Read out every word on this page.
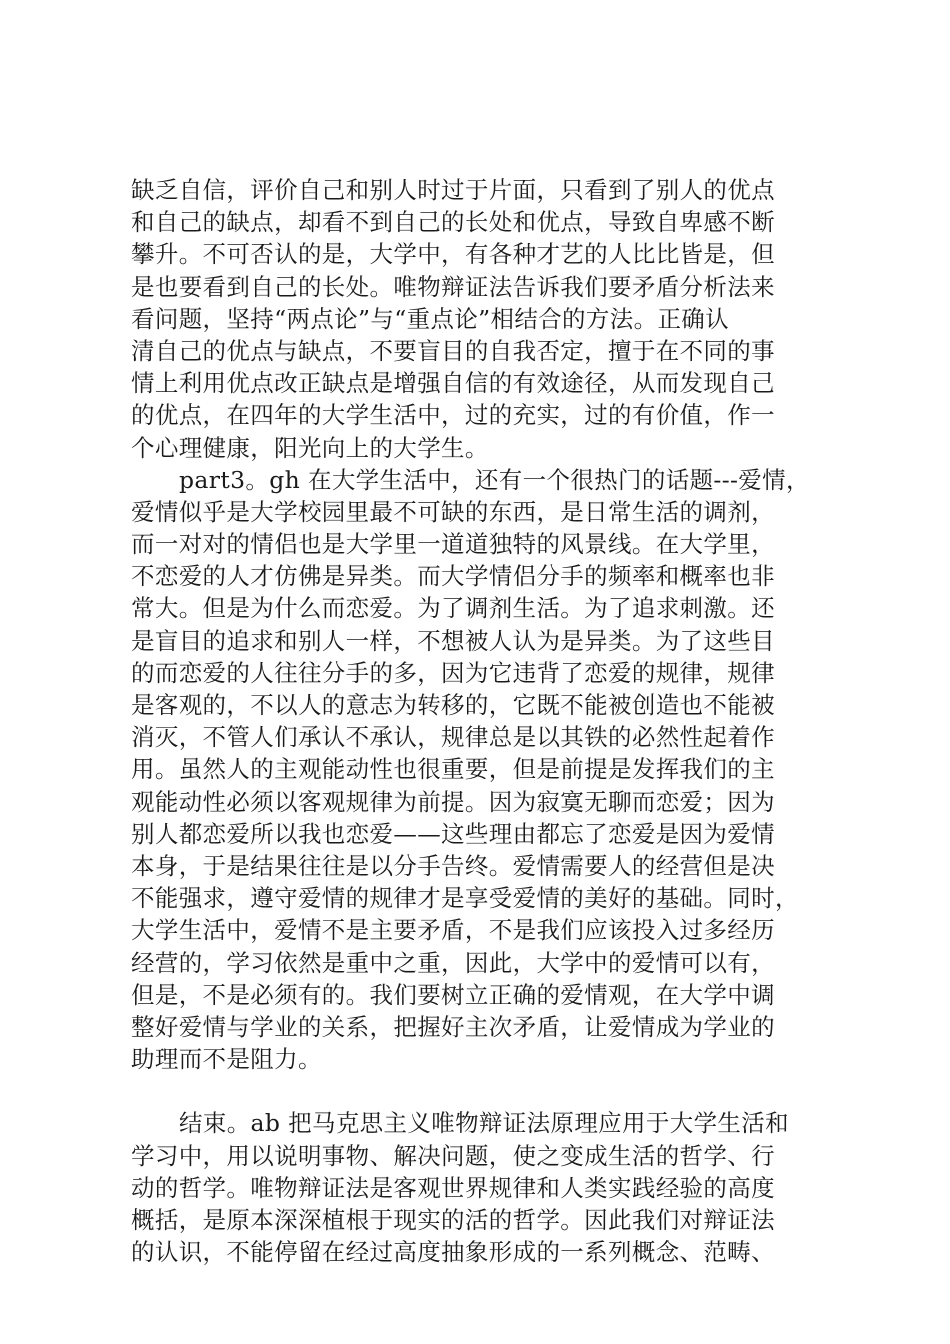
缺乏自信，评价自己和别人时过于片面，只看到了别人的优点
和自己的缺点，却看不到自己的长处和优点，导致自卑感不断
攀升。不可否认的是，大学中，有各种才艺的人比比皆是，但
是也要看到自己的长处。唯物辩证法告诉我们要矛盾分析法来
看问题，坚持“两点论”与“重点论”相结合的方法。正确认
清自己的优点与缺点，不要盲目的自我否定，擅于在不同的事
情上利用优点改正缺点是增强自信的有效途径，从而发现自己
的优点，在四年的大学生活中，过的充实，过的有价值，作一
个心理健康，阳光向上的大学生。
part3。gh 在大学生活中，还有一个很热门的话题---爱情，
爱情似乎是大学校园里最不可缺的东西，是日常生活的调剂，
而一对对的情侣也是大学里一道道独特的风景线。在大学里，
不恋爱的人才仿佛是异类。而大学情侣分手的频率和概率也非
常大。但是为什么而恋爱。为了调剂生活。为了追求刺激。还
是盲目的追求和别人一样，不想被人认为是异类。为了这些目
的而恋爱的人往往分手的多，因为它违背了恋爱的规律，规律
是客观的，不以人的意志为转移的，它既不能被创造也不能被
消灭，不管人们承认不承认，规律总是以其铁的必然性起着作
用。虽然人的主观能动性也很重要，但是前提是发挥我们的主
观能动性必须以客观规律为前提。因为寂寞无聊而恋爱；因为
别人都恋爱所以我也恋爱——这些理由都忘了恋爱是因为爱情
本身，于是结果往往是以分手告终。爱情需要人的经营但是决
不能强求，遵守爱情的规律才是享受爱情的美好的基础。同时，
大学生活中，爱情不是主要矛盾，不是我们应该投入过多经历
经营的，学习依然是重中之重，因此，大学中的爱情可以有，
但是，不是必须有的。我们要树立正确的爱情观，在大学中调
整好爱情与学业的关系，把握好主次矛盾，让爱情成为学业的
助理而不是阻力。
结束。ab 把马克思主义唯物辩证法原理应用于大学生活和
学习中，用以说明事物、解决问题，使之变成生活的哲学、行
动的哲学。唯物辩证法是客观世界规律和人类实践经验的高度
概括，是原本深深植根于现实的活的哲学。因此我们对辩证法
的认识，不能停留在经过高度抽象形成的一系列概念、范畴、
